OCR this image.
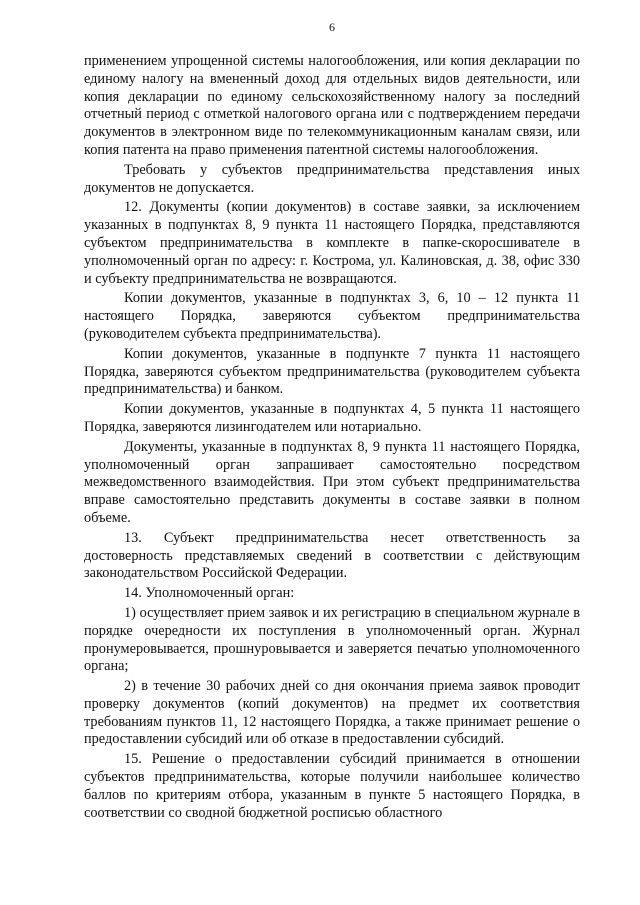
6

применением упрощенной системы налогообложения, или копия декларации по единому налогу на вмененный доход для отдельных видов деятельности, или копия декларации по единому сельскохозяйственному налогу за последний отчетный период с отметкой налогового органа или с подтверждением передачи документов в электронном виде по телекоммуникационным каналам связи, или копия патента на право применения патентной системы налогообложения.

Требовать у субъектов предпринимательства представления иных документов не допускается.

12. Документы (копии документов) в составе заявки, за исключением указанных в подпунктах 8, 9 пункта 11 настоящего Порядка, представляются субъектом предпринимательства в комплекте в папке-скоросшивателе в уполномоченный орган по адресу: г. Кострома, ул. Калиновская, д. 38, офис 330 и субъекту предпринимательства не возвращаются.

Копии документов, указанные в подпунктах 3, 6, 10 – 12 пункта 11 настоящего Порядка, заверяются субъектом предпринимательства (руководителем субъекта предпринимательства).

Копии документов, указанные в подпункте 7 пункта 11 настоящего Порядка, заверяются субъектом предпринимательства (руководителем субъекта предпринимательства) и банком.

Копии документов, указанные в подпунктах 4, 5 пункта 11 настоящего Порядка, заверяются лизингодателем или нотариально.

Документы, указанные в подпунктах 8, 9 пункта 11 настоящего Порядка, уполномоченный орган запрашивает самостоятельно посредством межведомственного взаимодействия. При этом субъект предпринимательства вправе самостоятельно представить документы в составе заявки в полном объеме.

13. Субъект предпринимательства несет ответственность за достоверность представляемых сведений в соответствии с действующим законодательством Российской Федерации.

14. Уполномоченный орган:

1) осуществляет прием заявок и их регистрацию в специальном журнале в порядке очередности их поступления в уполномоченный орган. Журнал пронумеровывается, прошнуровывается и заверяется печатью уполномоченного органа;

2) в течение 30 рабочих дней со дня окончания приема заявок проводит проверку документов (копий документов) на предмет их соответствия требованиям пунктов 11, 12 настоящего Порядка, а также принимает решение о предоставлении субсидий или об отказе в предоставлении субсидий.

15. Решение о предоставлении субсидий принимается в отношении субъектов предпринимательства, которые получили наибольшее количество баллов по критериям отбора, указанным в пункте 5 настоящего Порядка, в соответствии со сводной бюджетной росписью областного
